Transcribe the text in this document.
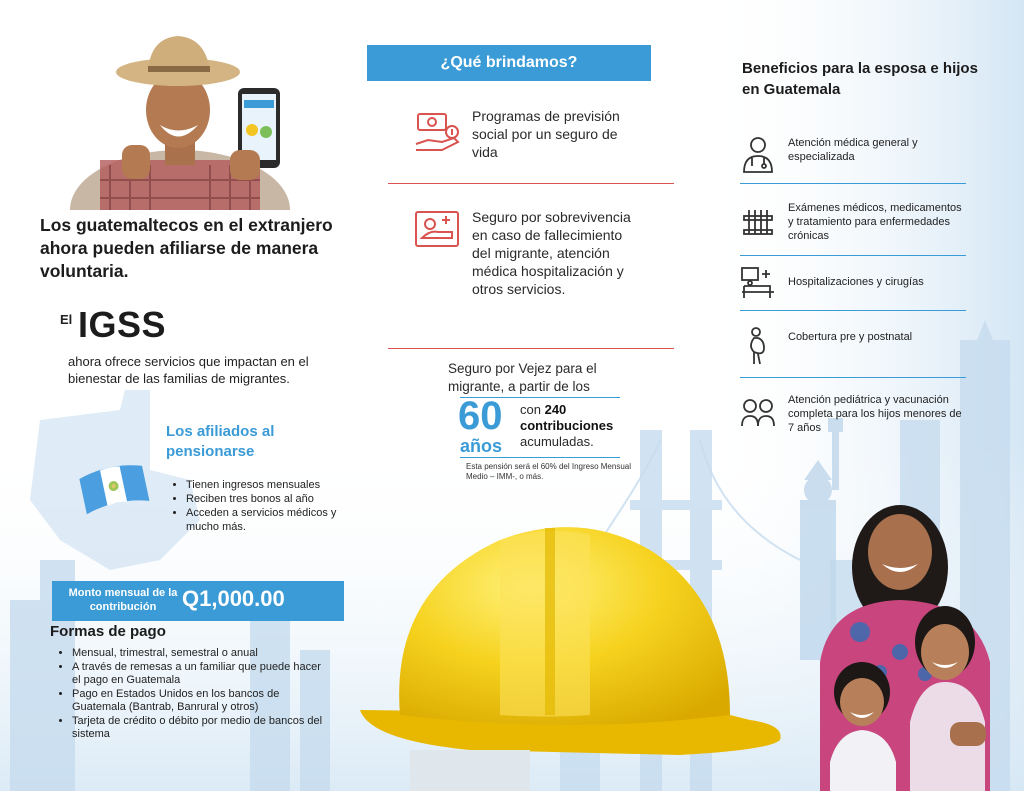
Los guatemaltecos en el extranjero ahora pueden afiliarse de manera voluntaria.
El IGSS
ahora ofrece servicios que impactan en el bienestar de las familias de migrantes.
Los afiliados al pensionarse
• Tienen ingresos mensuales
• Reciben tres bonos al año
• Acceden a servicios médicos y mucho más.
Monto mensual de la contribución	Q1,000.00
Formas de pago
• Mensual, trimestral, semestral o anual
• A través de remesas a un familiar que puede hacer el pago en Guatemala
• Pago en Estados Unidos en los bancos de Guatemala (Bantrab, Banrural y otros)
• Tarjeta de crédito o débito por medio de bancos del sistema
¿Qué brindamos?
Programas de previsión social por un seguro de vida
Seguro por sobrevivencia en caso de fallecimiento del migrante, atención médica hospitalización y otros servicios.
Seguro por Vejez para el migrante, a partir de los
60
años
con 240 contribuciones
acumuladas.
Esta pensión será el 60% del Ingreso Mensual Medio – IMM-, o más.
Beneficios para la esposa e hijos en Guatemala
Atención médica general y especializada
Exámenes médicos, medicamentos y tratamiento para enfermedades crónicas
Hospitalizaciones y cirugías
Cobertura pre y postnatal
Atención pediátrica y vacunación completa para los hijos menores de 7 años
